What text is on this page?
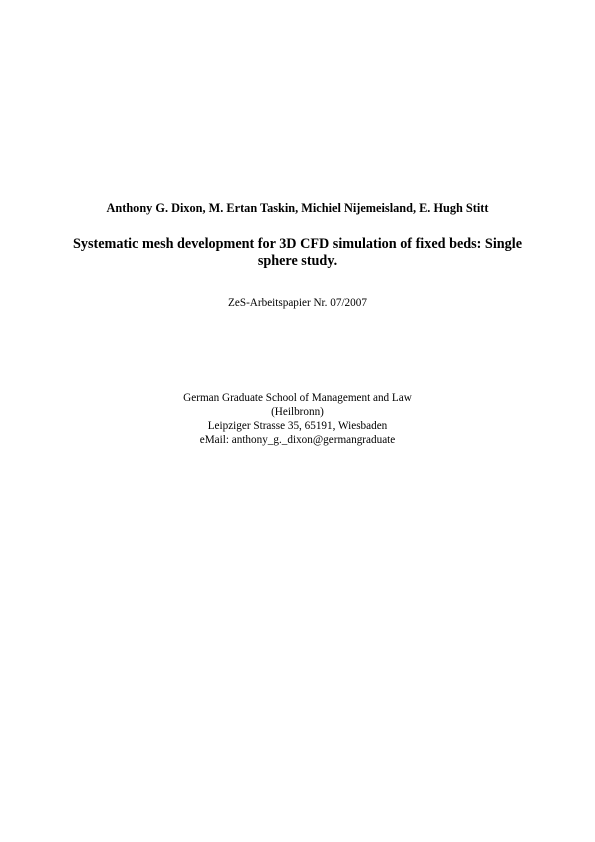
Anthony G. Dixon, M. Ertan Taskin, Michiel Nijemeisland, E. Hugh Stitt
Systematic mesh development for 3D CFD simulation of fixed beds: Single
sphere study.
ZeS-Arbeitspapier Nr. 07/2007
German Graduate School of Management and Law
(Heilbronn)
Leipziger Strasse 35, 65191, Wiesbaden
eMail: anthony_g._dixon@germangraduate
